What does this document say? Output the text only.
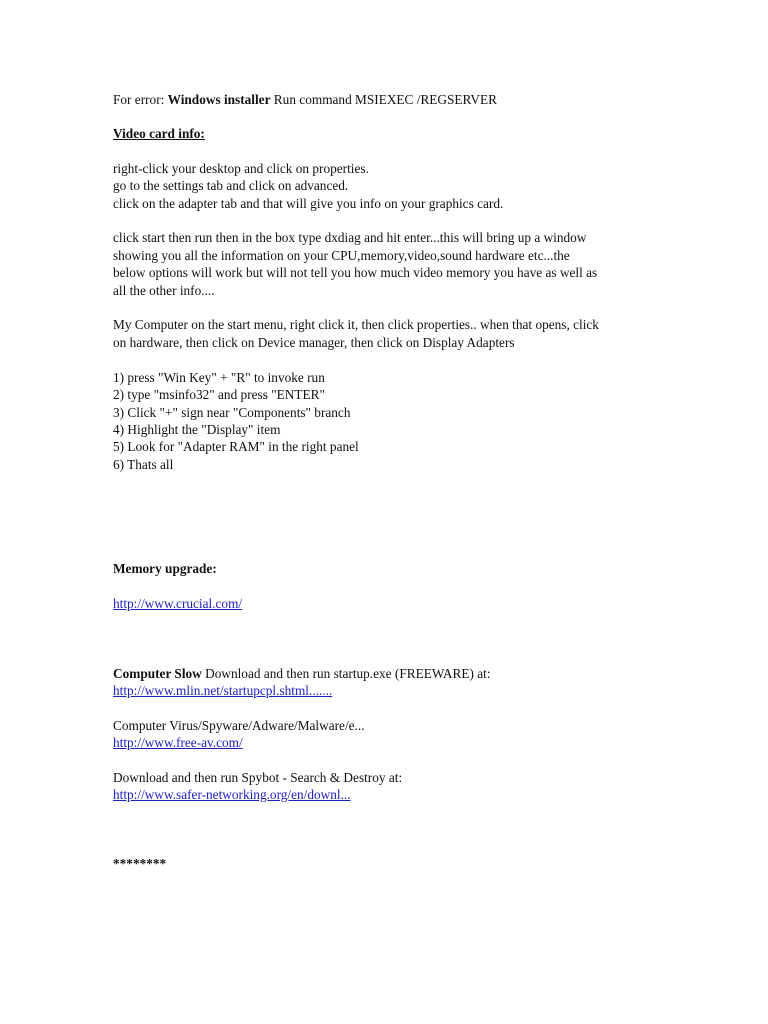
For error: Windows installer Run command MSIEXEC /REGSERVER
Video card info:
right-click your desktop and click on properties.
go to the settings tab and click on advanced.
click on the adapter tab and that will give you info on your graphics card.
click start then run then in the box type dxdiag and hit enter...this will bring up a window
showing you all the information on your CPU,memory,video,sound hardware etc...the
below options will work but will not tell you how much video memory you have as well as
all the other info....
My Computer on the start menu, right click it, then click properties.. when that opens, click
on hardware, then click on Device manager, then click on Display Adapters
1) press "Win Key" + "R" to invoke run
2) type "msinfo32" and press "ENTER"
3) Click "+" sign near "Components" branch
4) Highlight the "Display" item
5) Look for "Adapter RAM" in the right panel
6) Thats all
Memory upgrade:
http://www.crucial.com/
Computer Slow Download and then run startup.exe (FREEWARE) at:
http://www.mlin.net/startupcpl.shtml.......
Computer Virus/Spyware/Adware/Malware/e...
http://www.free-av.com/
Download and then run Spybot - Search & Destroy at:
http://www.safer-networking.org/en/downl...
********
